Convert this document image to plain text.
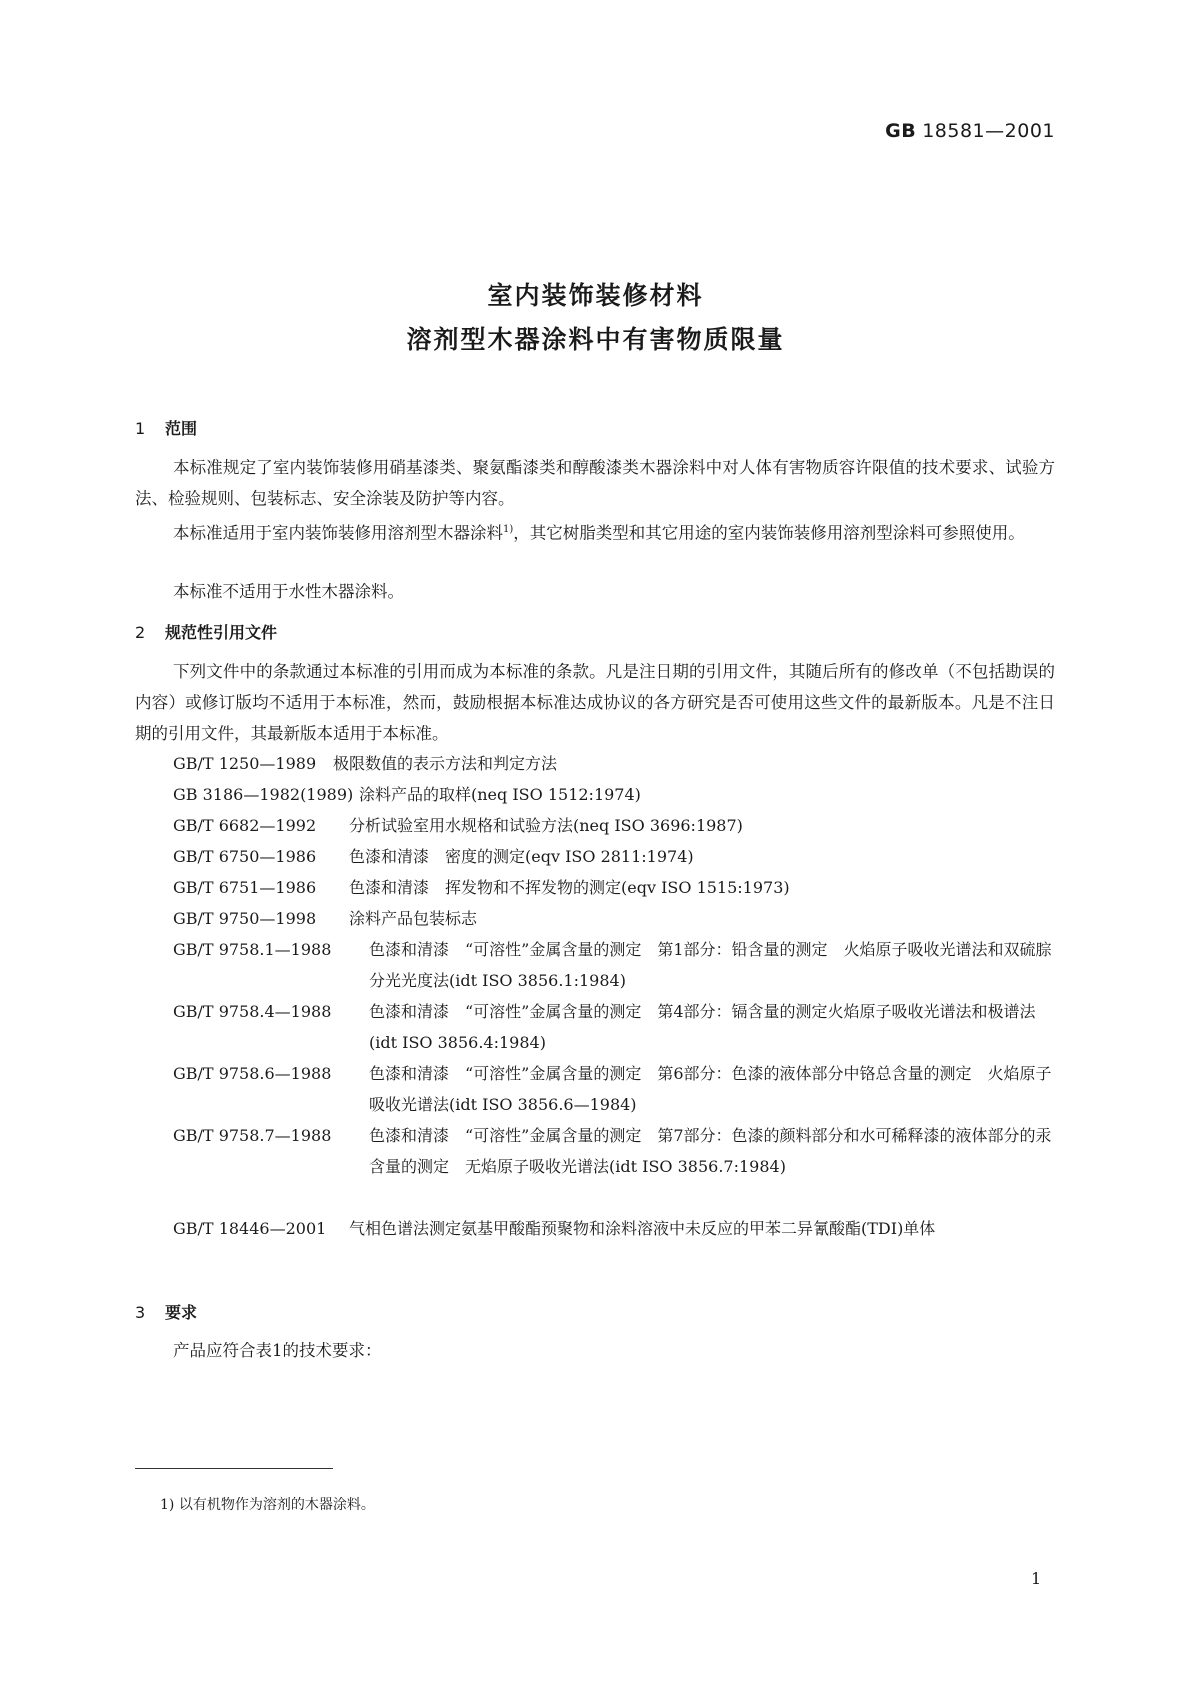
GB 18581—2001
室内装饰装修材料
溶剂型木器涂料中有害物质限量
1 范围
本标准规定了室内装饰装修用硝基漆类、聚氨酯漆类和醇酸漆类木器涂料中对人体有害物质容许限值的技术要求、试验方法、检验规则、包装标志、安全涂装及防护等内容。
本标准适用于室内装饰装修用溶剂型木器涂料$^{1)}$，其它树脂类型和其它用途的室内装饰装修用溶剂型涂料可参照使用。
本标准不适用于水性木器涂料。
2 规范性引用文件
下列文件中的条款通过本标准的引用而成为本标准的条款。凡是注日期的引用文件，其随后所有的修改单（不包括勘误的内容）或修订版均不适用于本标准，然而，鼓励根据本标准达成协议的各方研究是否可使用这些文件的最新版本。凡是不注日期的引用文件，其最新版本适用于本标准。
GB/T 1250—1989 极限数值的表示方法和判定方法
GB 3186—1982(1989) 涂料产品的取样(neq ISO 1512:1974)
GB/T 6682—1992 分析试验室用水规格和试验方法(neq ISO 3696:1987)
GB/T 6750—1986 色漆和清漆　密度的测定(eqv ISO 2811:1974)
GB/T 6751—1986 色漆和清漆　挥发物和不挥发物的测定(eqv ISO 1515:1973)
GB/T 9750—1998 涂料产品包装标志
GB/T 9758.1—1988 色漆和清漆　“可溶性”金属含量的测定　第1部分：铅含量的测定　火焰原子吸收光谱法和双硫腙分光光度法(idt ISO 3856.1:1984)
GB/T 9758.4—1988 色漆和清漆　“可溶性”金属含量的测定　第4部分：镉含量的测定火焰原子吸收光谱法和极谱法(idt ISO 3856.4:1984)
GB/T 9758.6—1988 色漆和清漆　“可溶性”金属含量的测定　第6部分：色漆的液体部分中铬总含量的测定　火焰原子吸收光谱法(idt ISO 3856.6—1984)
GB/T 9758.7—1988 色漆和清漆　“可溶性”金属含量的测定　第7部分：色漆的颜料部分和水可稀释漆的液体部分的汞含量的测定　无焰原子吸收光谱法(idt ISO 3856.7:1984)
GB/T 18446—2001 气相色谱法测定氨基甲酸酯预聚物和涂料溶液中未反应的甲苯二异氰酸酯(TDI)单体
3 要求
产品应符合表1的技术要求：
1) 以有机物作为溶剂的木器涂料。
1
